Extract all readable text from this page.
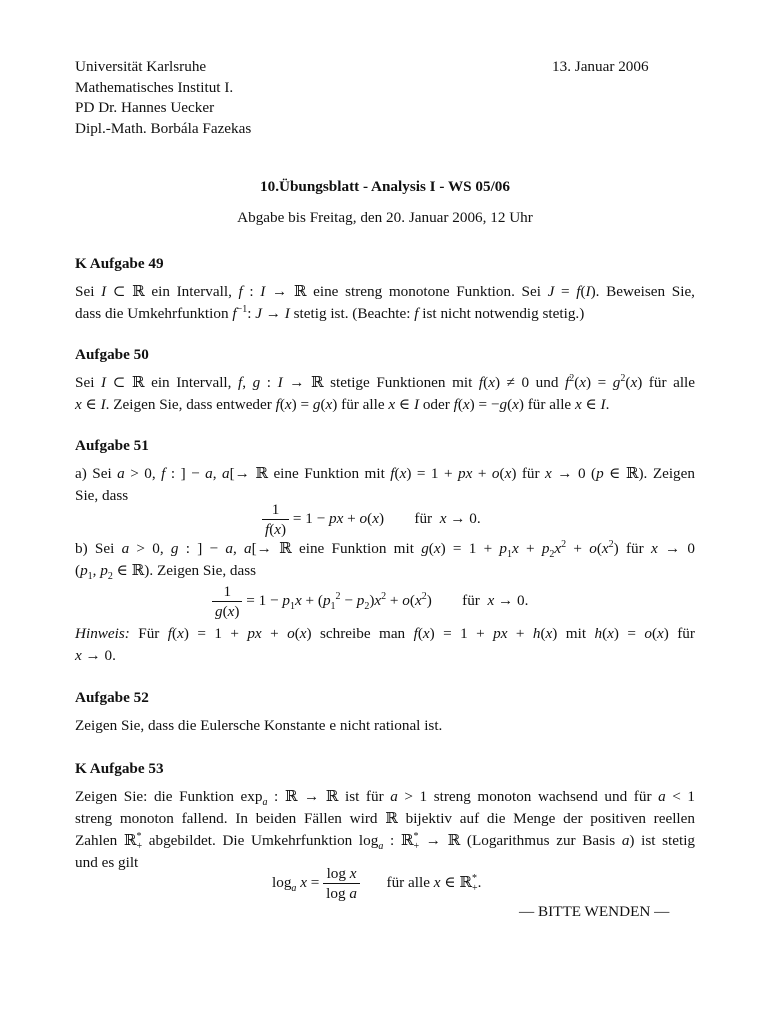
Universität Karlsruhe
Mathematisches Institut I.
PD Dr. Hannes Uecker
Dipl.-Math. Borbála Fazekas
13. Januar 2006
10.Übungsblatt - Analysis I - WS 05/06
Abgabe bis Freitag, den 20. Januar 2006, 12 Uhr
K Aufgabe 49
Sei I ⊂ ℝ ein Intervall, f : I → ℝ eine streng monotone Funktion. Sei J = f(I). Beweisen Sie,
dass die Umkehrfunktion $f^{-1}$: J → I stetig ist. (Beachte: f ist nicht notwendig stetig.)
Aufgabe 50
Sei I ⊂ ℝ ein Intervall, f, g : I → ℝ stetige Funktionen mit f(x) ≠ 0 und $f^2(x) = g^2(x)$ für alle
x ∈ I. Zeigen Sie, dass entweder f(x) = g(x) für alle x ∈ I oder f(x) = −g(x) für alle x ∈ I.
Aufgabe 51
a) Sei a > 0, f : ] − a, a[→ ℝ eine Funktion mit f(x) = 1 + px + o(x) für x → 0 (p ∈ ℝ). Zeigen
Sie, dass
$\frac{1}{f(x)} = 1$ − px + o(x)        für  x → 0.
b) Sei a > 0, g : ] − a, a[→ ℝ eine Funktion mit $g(x) = 1 + p_1x + p_2x^2 + o(x^2)$ für x → 0
($p_1$, $p_2$ ∈ ℝ). Zeigen Sie, dass
$\frac{1}{g(x)} = 1 - p_1x + (p_1^2 - p_2)x^2 + o(x^2)$        für  x → 0.
Hinweis: Für f(x) = 1 + px + o(x) schreibe man f(x) = 1 + px + h(x) mit h(x) = o(x) für
x → 0.
Aufgabe 52
Zeigen Sie, dass die Eulersche Konstante e nicht rational ist.
K Aufgabe 53
Zeigen Sie: die Funktion $\exp_a$ : ℝ → ℝ ist für a > 1 streng monoton wachsend und für a < 1
streng monoton fallend. In beiden Fällen wird ℝ bijektiv auf die Menge der positiven reellen
Zahlen ℝ*$_+$ abgebildet. Die Umkehrfunktion $\log_a$ : ℝ*$_+$ → ℝ (Logarithmus zur Basis a) ist stetig
und es gilt
$\log_a x = \frac{\text{log x}}{\text{log a}}$ für alle x ∈ ℝ*$_+$.
— BITTE WENDEN —
